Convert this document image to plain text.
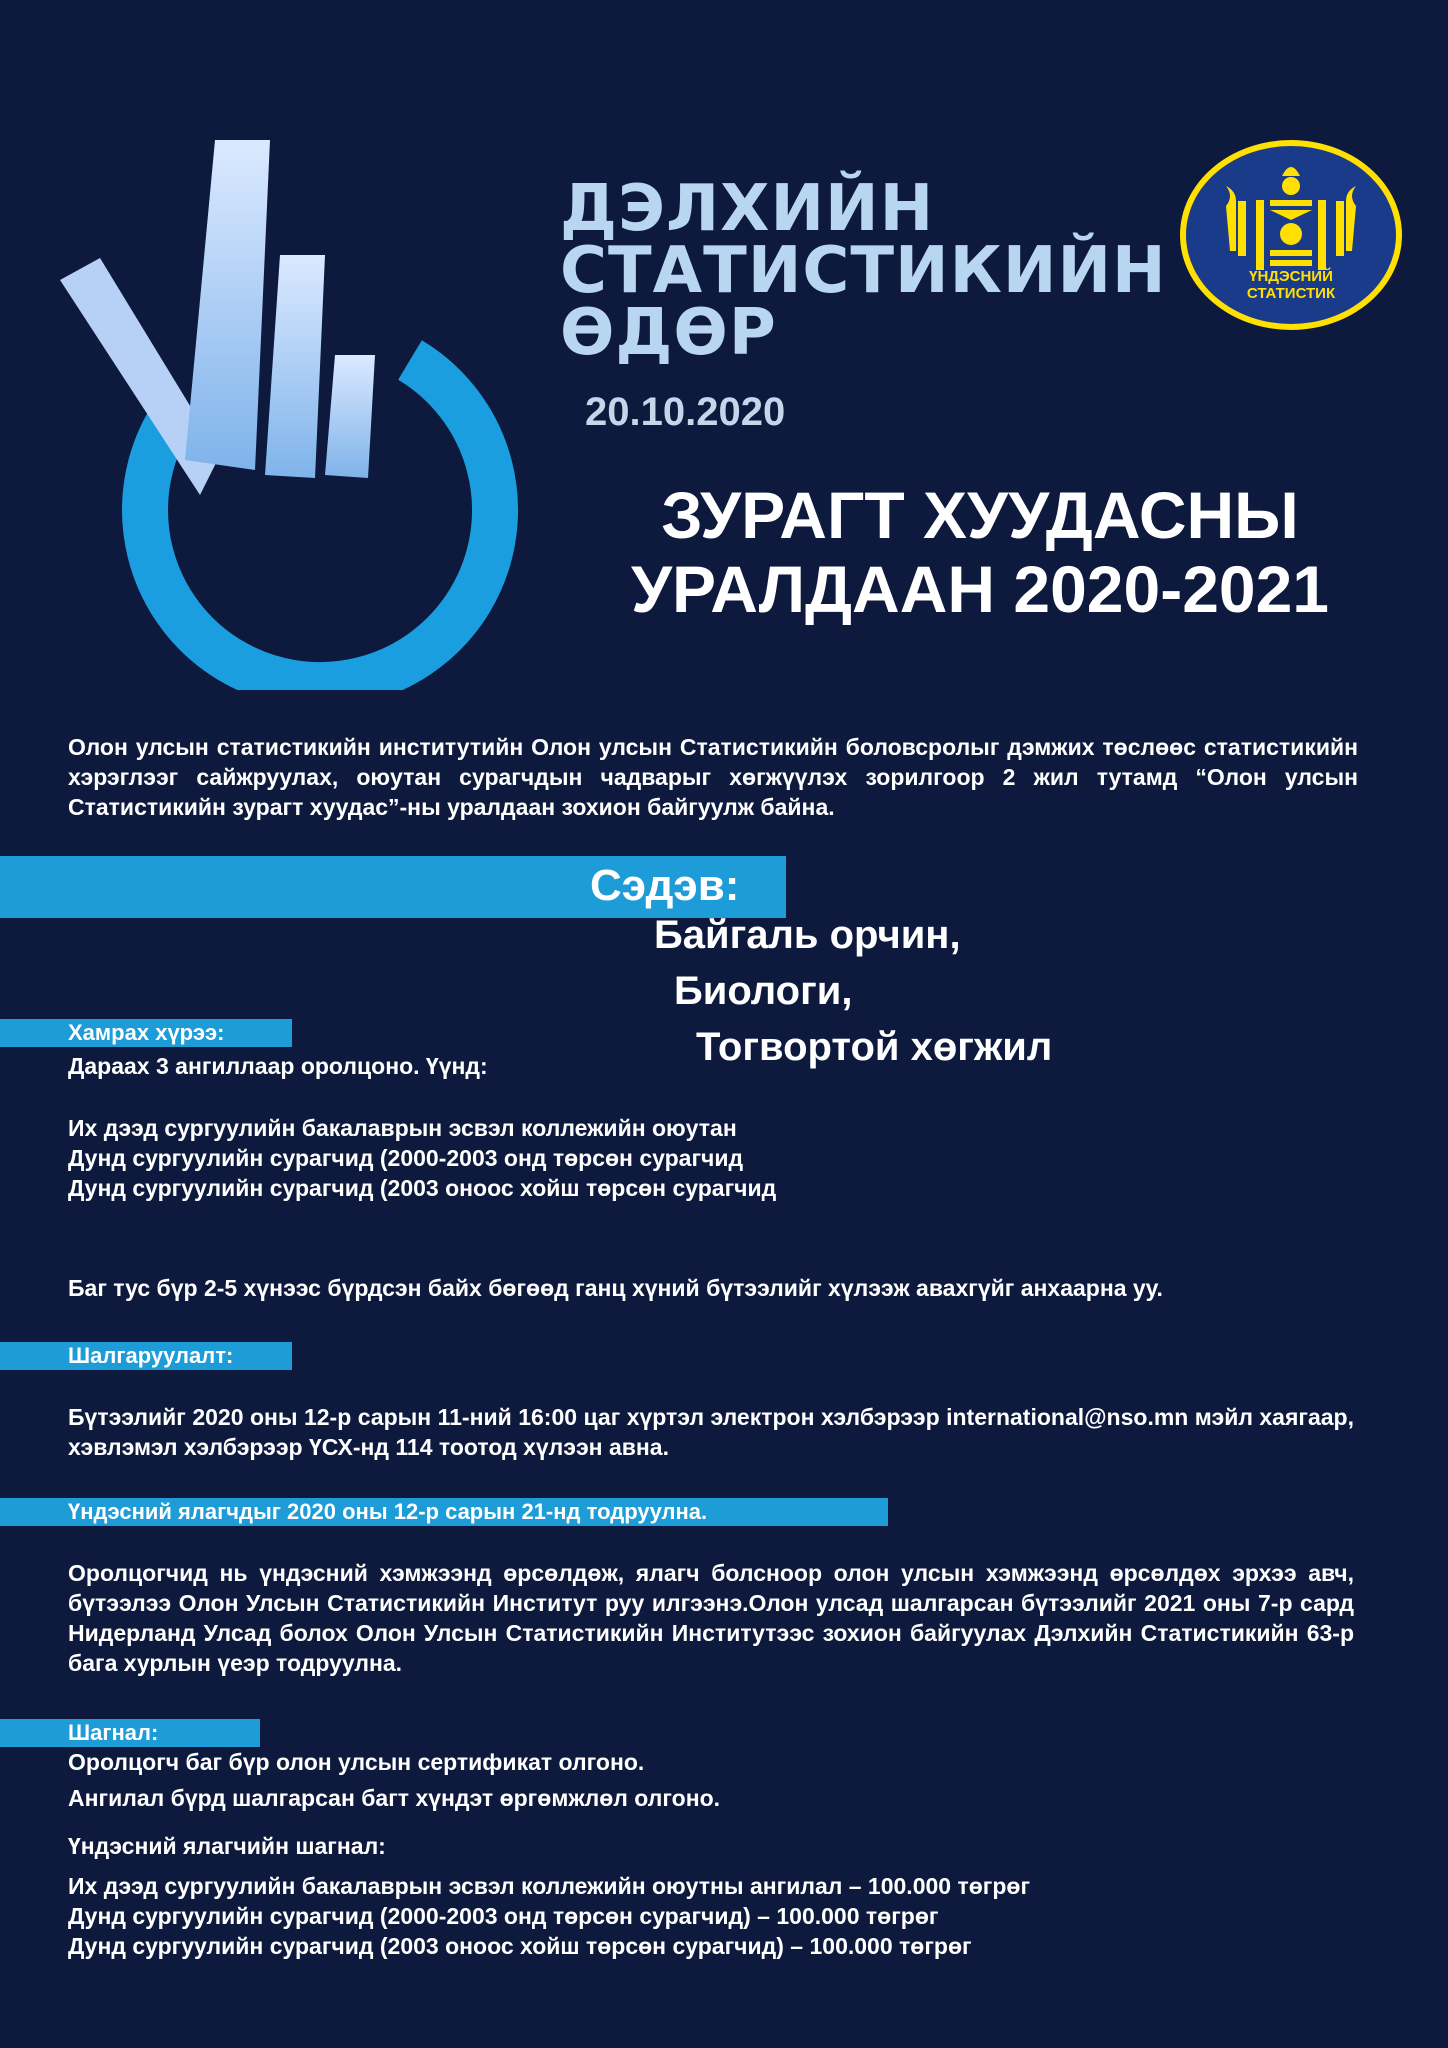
ДЭЛХИЙН
СТАТИСТИКИЙН
ӨДӨР
20.10.2020
ҮНДЭСНИЙ
СТАТИСТИК
ЗУРАГТ ХУУДАСНЫ
УРАЛДААН 2020-2021

Олон улсын статистикийн институтийн Олон улсын Статистикийн боловсролыг дэмжих төслөөс статистикийн хэрэглээг сайжруулах, оюутан сурагчдын чадварыг хөгжүүлэх зорилгоор 2 жил тутамд “Олон улсын Статистикийн зурагт хуудас”-ны уралдаан зохион байгуулж байна.

Сэдэв:
Байгаль орчин,
Биологи,
Тогвортой хөгжил
Хамрах хүрээ:
Дараах 3 ангиллаар оролцоно. Үүнд:
Их дээд сургуулийн бакалаврын эсвэл коллежийн оюутан
Дунд сургуулийн сурагчид (2000-2003 онд төрсөн сурагчид
Дунд сургуулийн сурагчид (2003 оноос хойш төрсөн сурагчид
Баг тус бүр 2-5 хүнээс бүрдсэн байх бөгөөд ганц хүний бүтээлийг хүлээж авахгүйг анхаарна уу.
Шалгаруулалт:

Бүтээлийг 2020 оны 12-р сарын 11-ний 16:00 цаг хүртэл электрон хэлбэрээр international@nso.mn мэйл хаягаар, хэвлэмэл хэлбэрээр ҮСХ-нд 114 тоотод хүлээн авна.

Үндэсний ялагчдыг 2020 оны 12-р сарын 21-нд тодруулна.

Оролцогчид нь үндэсний хэмжээнд өрсөлдөж, ялагч болсноор олон улсын хэмжээнд өрсөлдөх эрхээ авч, бүтээлээ Олон Улсын Статистикийн Институт руу илгээнэ.Олон улсад шалгарсан бүтээлийг 2021 оны 7-р сард Нидерланд Улсад болох Олон Улсын Статистикийн Институтээс зохион байгуулах Дэлхийн Статистикийн 63-р бага хурлын үеэр тодруулна.

Шагнал:
Оролцогч баг бүр олон улсын сертификат олгоно.
Ангилал бүрд шалгарсан багт хүндэт өргөмжлөл олгоно.
Үндэсний ялагчийн шагнал:
Их дээд сургуулийн бакалаврын эсвэл коллежийн оюутны ангилал – 100.000 төгрөг
Дунд сургуулийн сурагчид (2000-2003 онд төрсөн сурагчид) – 100.000 төгрөг
Дунд сургуулийн сурагчид (2003 оноос хойш төрсөн сурагчид) – 100.000 төгрөг
